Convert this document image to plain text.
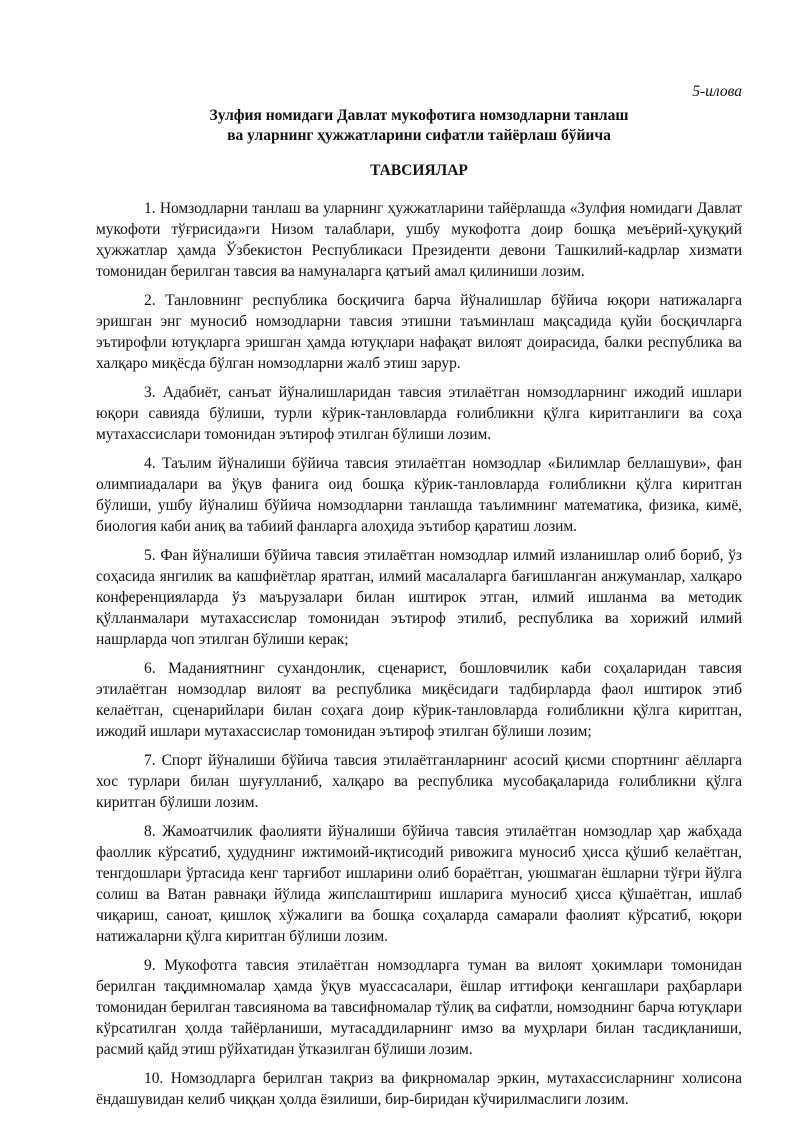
5-илова
Зулфия номидаги Давлат мукофотига номзодларни танлаш
ва уларнинг ҳужжатларини сифатли тайёрлаш бўйича
ТАВСИЯЛАР

1. Номзодларни танлаш ва уларнинг ҳужжатларини тайёрлашда «Зулфия номидаги Давлат мукофоти тўғрисида»ги Низом талаблари, ушбу мукофотга доир бошқа меъёрий-ҳуқуқий ҳужжатлар ҳамда Ўзбекистон Республикаси Президенти девони Ташкилий-кадрлар хизмати томонидан берилган тавсия ва намуналарга қатъий амал қилиниши лозим.

2. Танловнинг республика босқичига барча йўналишлар бўйича юқори натижаларга эришган энг муносиб номзодларни тавсия этишни таъминлаш мақсадида қуйи босқичларга эътирофли ютуқларга эришган ҳамда ютуқлари нафақат вилоят доирасида, балки республика ва халқаро миқёсда бўлган номзодларни жалб этиш зарур.

3. Адабиёт, санъат йўналишларидан тавсия этилаётган номзодларнинг ижодий ишлари юқори савияда бўлиши, турли кўрик-танловларда ғолибликни қўлга киритганлиги ва соҳа мутахассислари томонидан эътироф этилган бўлиши лозим.

4. Таълим йўналиши бўйича тавсия этилаётган номзодлар «Билимлар беллашуви», фан олимпиадалари ва ўқув фанига оид бошқа кўрик-танловларда ғолибликни қўлга киритган бўлиши, ушбу йўналиш бўйича номзодларни танлашда таълимнинг математика, физика, кимё, биология каби аниқ ва табиий фанларга алоҳида эътибор қаратиш лозим.

5. Фан йўналиши бўйича тавсия этилаётган номзодлар илмий изланишлар олиб бориб, ўз соҳасида янгилик ва кашфиётлар яратган, илмий масалаларга бағишланган анжуманлар, халқаро конференцияларда ўз маърузалари билан иштирок этган, илмий ишланма ва методик қўлланмалари мутахассислар томонидан эътироф этилиб, республика ва хорижий илмий нашрларда чоп этилган бўлиши керак;

6. Маданиятнинг сухандонлик, сценарист, бошловчилик каби соҳаларидан тавсия этилаётган номзодлар вилоят ва республика миқёсидаги тадбирларда фаол иштирок этиб келаётган, сценарийлари билан соҳага доир кўрик-танловларда ғолибликни қўлга киритган, ижодий ишлари мутахассислар томонидан эътироф этилган бўлиши лозим;

7. Спорт йўналиши бўйича тавсия этилаётганларнинг асосий қисми спортнинг аёлларга хос турлари билан шуғулланиб, халқаро ва республика мусобақаларида ғолибликни қўлга киритган бўлиши лозим.

8. Жамоатчилик фаолияти йўналиши бўйича тавсия этилаётган номзодлар ҳар жабҳада фаоллик кўрсатиб, ҳудуднинг ижтимоий-иқтисодий ривожига муносиб ҳисса қўшиб келаётган, тенгдошлари ўртасида кенг тарғибот ишларини олиб бораётган, уюшмаган ёшларни тўғри йўлга солиш ва Ватан равнақи йўлида жипслаштириш ишларига муносиб ҳисса қўшаётган, ишлаб чиқариш, саноат, қишлоқ хўжалиги ва бошқа соҳаларда самарали фаолият кўрсатиб, юқори натижаларни қўлга киритган бўлиши лозим.

9. Мукофотга тавсия этилаётган номзодларга туман ва вилоят ҳокимлари томонидан берилган тақдимномалар ҳамда ўқув муассасалари, ёшлар иттифоқи кенгашлари раҳбарлари томонидан берилган тавсиянома ва тавсифномалар тўлиқ ва сифатли, номзоднинг барча ютуқлари кўрсатилган ҳолда тайёрланиши, мутасаддиларнинг имзо ва муҳрлари билан тасдиқланиши, расмий қайд этиш рўйхатидан ўтказилган бўлиши лозим.

10. Номзодларга берилган тақриз ва фикрномалар эркин, мутахассисларнинг холисона ёндашувидан келиб чиққан ҳолда ёзилиши, бир-биридан кўчирилмаслиги лозим.
